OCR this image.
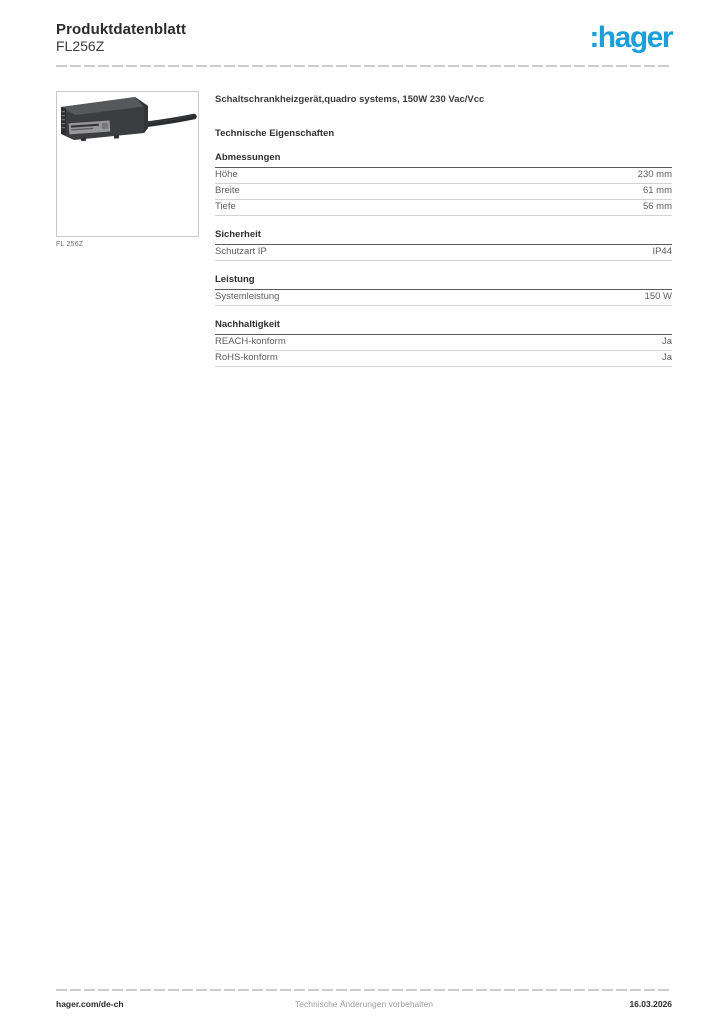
Produktdatenblatt
FL256Z	:hager
FL 256Z
Schaltschrankheizgerät,quadro systems, 150W 230 Vac/Vcc
Technische Eigenschaften
Abmessungen
Höhe	230 mm
Breite	61 mm
Tiefe	56 mm
Sicherheit
Schutzart IP	IP44
Leistung
Systemleistung	150 W
Nachhaltigkeit
REACH-konform	Ja
RoHS-konform	Ja
hager.com/de-ch	Technische Änderungen vorbehalten	16.03.2026
